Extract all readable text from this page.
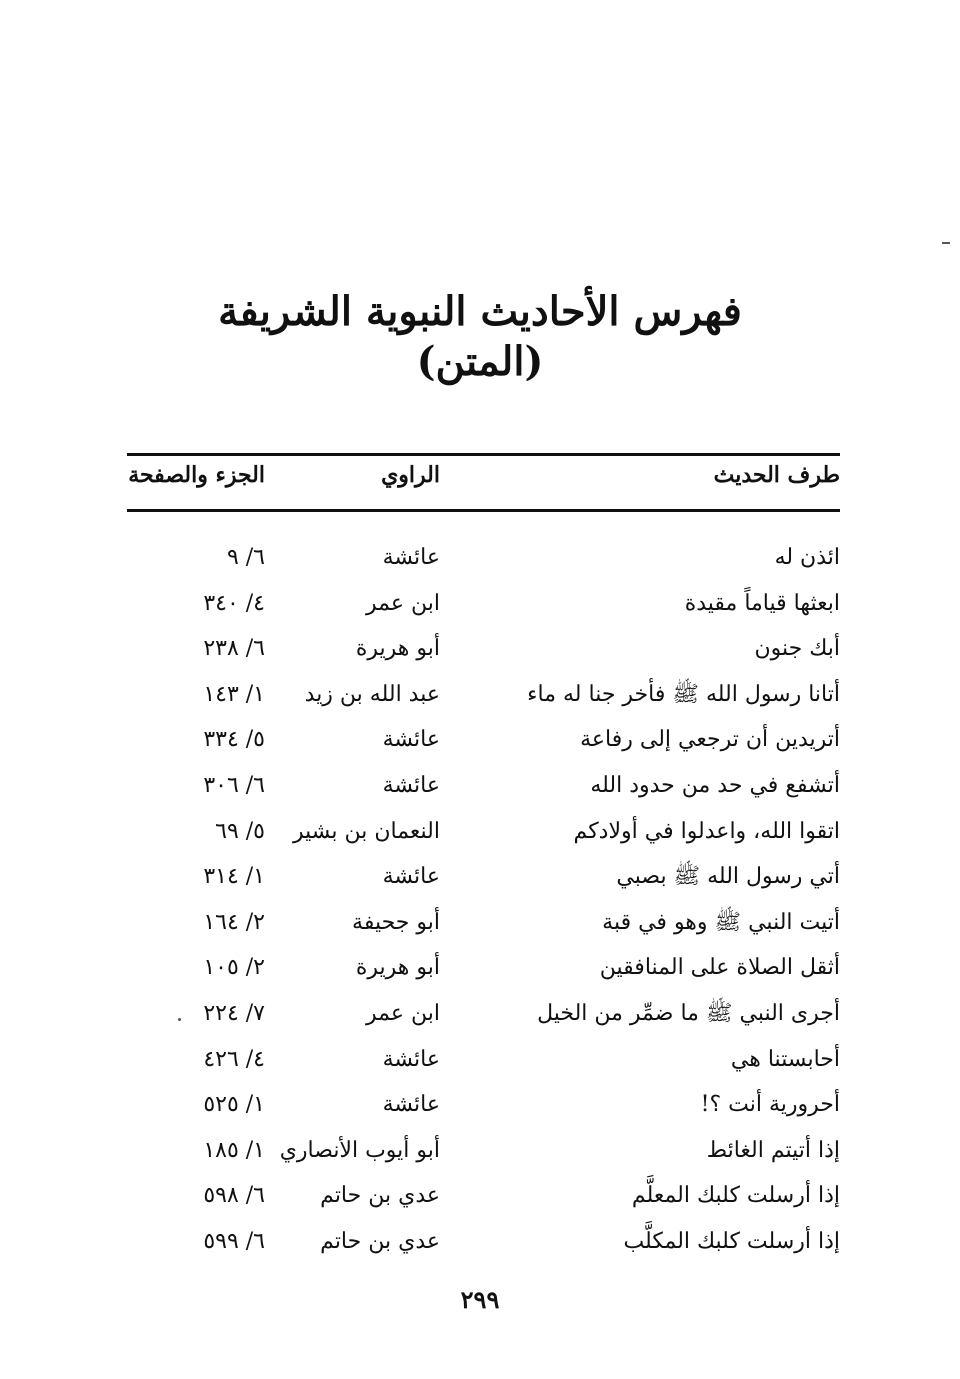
فهرس الأحاديث النبوية الشريفة
(المتن)
طرف الحديث
الراوي
الجزء والصفحة
ائذن له
عائشة
٦/ ٩
ابعثها قياماً مقيدة
ابن عمر
٤/ ٣٤٠
أبك جنون
أبو هريرة
٦/ ٢٣٨
أتانا رسول الله ﷺ فأخر جنا له ماء
عبد الله بن زيد
١/ ١٤٣
أتريدين أن ترجعي إلى رفاعة
عائشة
٥/ ٣٣٤
أتشفع في حد من حدود الله
عائشة
٦/ ٣٠٦
اتقوا الله، واعدلوا في أولادكم
النعمان بن بشير
٥/ ٦٩
أتي رسول الله ﷺ بصبي
عائشة
١/ ٣١٤
أتيت النبي ﷺ وهو في قبة
أبو جحيفة
٢/ ١٦٤
أثقل الصلاة على المنافقين
أبو هريرة
٢/ ١٠٥
أجرى النبي ﷺ ما ضمِّر من الخيل
ابن عمر
٧/ ٢٢٤
أحابستنا هي
عائشة
٤/ ٤٢٦
أحرورية أنت ؟!
عائشة
١/ ٥٢٥
إذا أتيتم الغائط
أبو أيوب الأنصاري
١/ ١٨٥
إذا أرسلت كلبك المعلَّم
عدي بن حاتم
٦/ ٥٩٨
إذا أرسلت كلبك المكلَّب
عدي بن حاتم
٦/ ٥٩٩
٢٩٩
